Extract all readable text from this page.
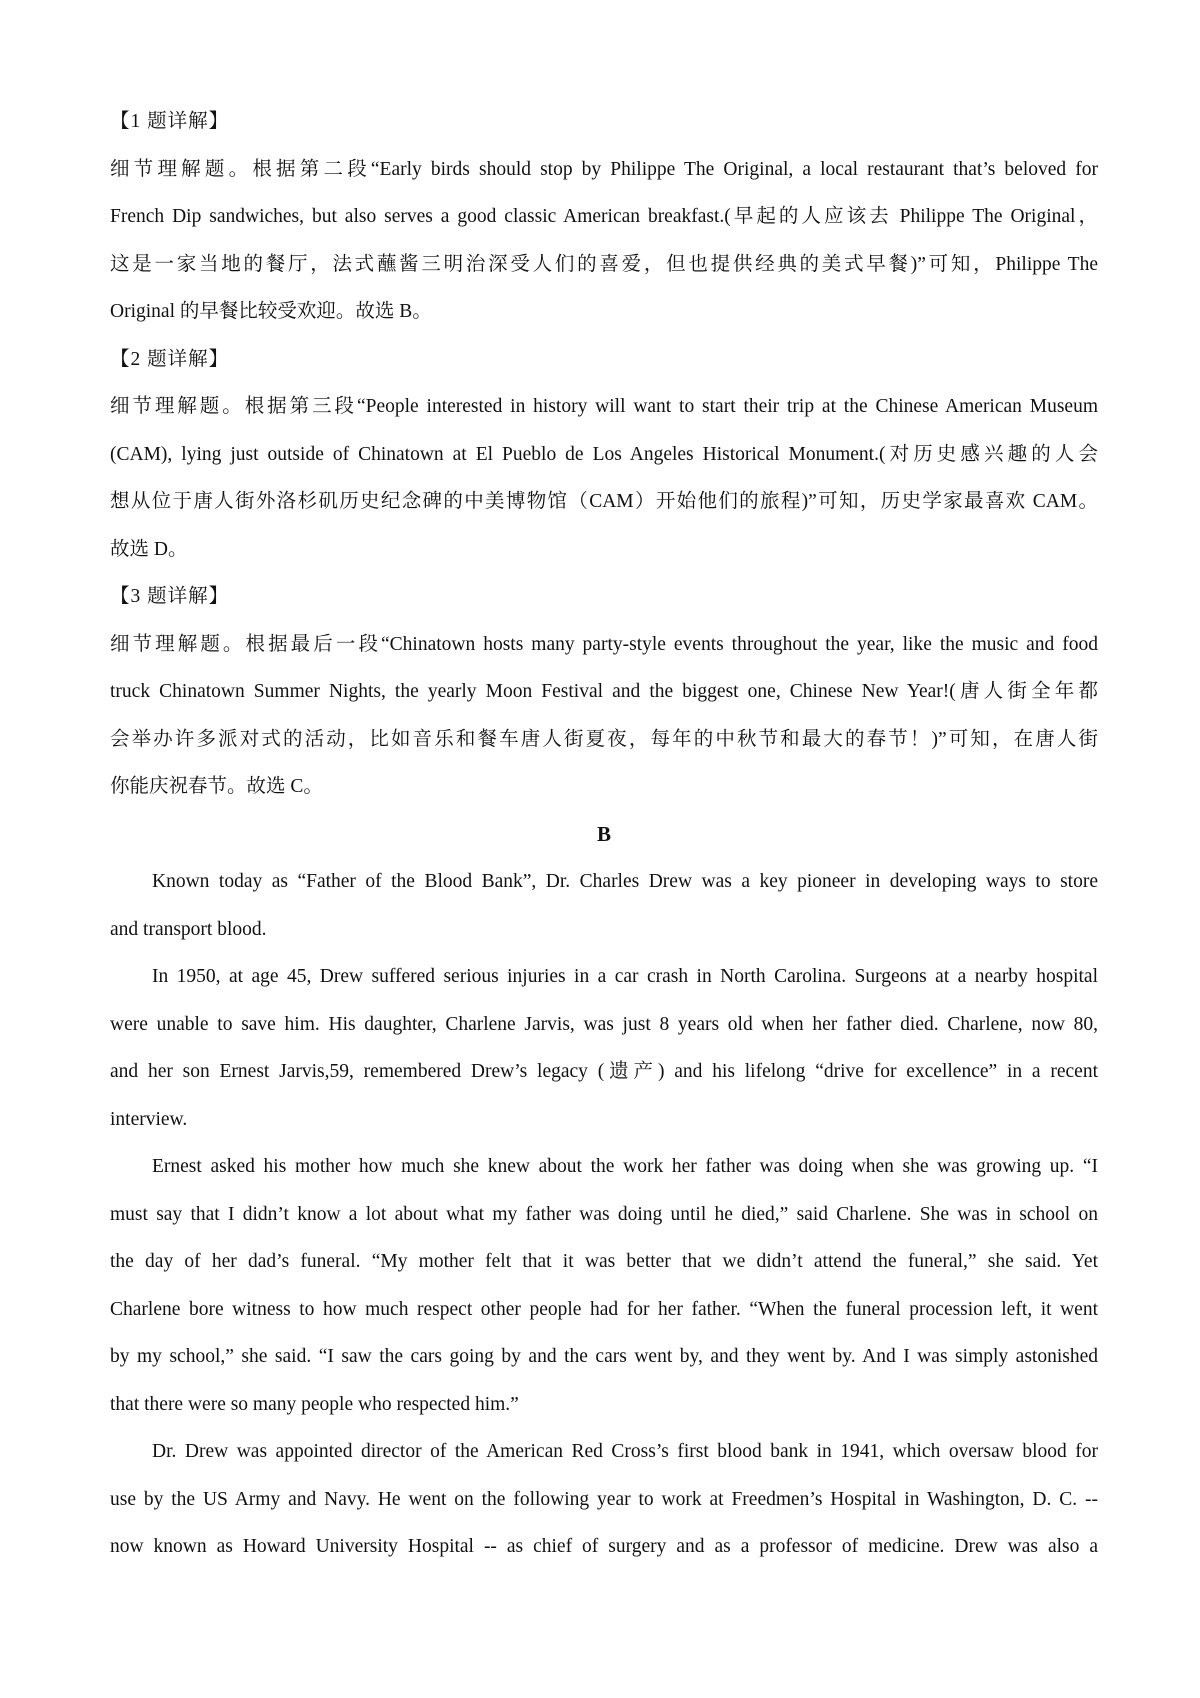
【1 题详解】
细节理解题。根据第二段“Early birds should stop by Philippe The Original, a local restaurant that’s beloved for
French Dip sandwiches, but also serves a good classic American breakfast.(早起的人应该去 Philippe The Original，
这是一家当地的餐厅，法式蘸酱三明治深受人们的喜爱，但也提供经典的美式早餐)”可知，Philippe The
Original 的早餐比较受欢迎。故选 B。
【2 题详解】
细节理解题。根据第三段“People interested in history will want to start their trip at the Chinese American Museum
(CAM), lying just outside of Chinatown at El Pueblo de Los Angeles Historical Monument.(对历史感兴趣的人会
想从位于唐人街外洛杉矶历史纪念碑的中美博物馆（CAM）开始他们的旅程)”可知，历史学家最喜欢 CAM。
故选 D。
【3 题详解】
细节理解题。根据最后一段“Chinatown hosts many party-style events throughout the year, like the music and food
truck Chinatown Summer Nights, the yearly Moon Festival and the biggest one, Chinese New Year!(唐人街全年都
会举办许多派对式的活动，比如音乐和餐车唐人街夏夜，每年的中秋节和最大的春节！)”可知，在唐人街
你能庆祝春节。故选 C。
B
Known today as “Father of the Blood Bank”, Dr. Charles Drew was a key pioneer in developing ways to store
and transport blood.
In 1950, at age 45, Drew suffered serious injuries in a car crash in North Carolina. Surgeons at a nearby hospital
were unable to save him. His daughter, Charlene Jarvis, was just 8 years old when her father died. Charlene, now 80,
and her son Ernest Jarvis,59, remembered Drew’s legacy (遗产) and his lifelong “drive for excellence” in a recent
interview.
Ernest asked his mother how much she knew about the work her father was doing when she was growing up. “I
must say that I didn’t know a lot about what my father was doing until he died,” said Charlene. She was in school on
the day of her dad’s funeral. “My mother felt that it was better that we didn’t attend the funeral,” she said. Yet
Charlene bore witness to how much respect other people had for her father. “When the funeral procession left, it went
by my school,” she said. “I saw the cars going by and the cars went by, and they went by. And I was simply astonished
that there were so many people who respected him.”
Dr. Drew was appointed director of the American Red Cross’s first blood bank in 1941, which oversaw blood for
use by the US Army and Navy. He went on the following year to work at Freedmen’s Hospital in Washington, D. C. --
now known as Howard University Hospital -- as chief of surgery and as a professor of medicine. Drew was also a
